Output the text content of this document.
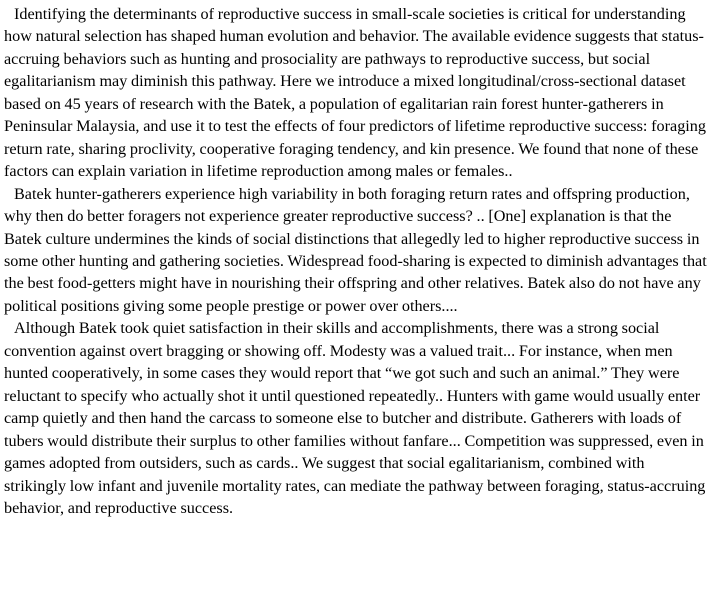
Identifying the determinants of reproductive success in small-scale societies is critical for understanding how natural selection has shaped human evolution and behavior. The available evidence suggests that status-accruing behaviors such as hunting and prosociality are pathways to reproductive success, but social egalitarianism may diminish this pathway. Here we introduce a mixed longitudinal/cross-sectional dataset based on 45 years of research with the Batek, a population of egalitarian rain forest hunter-gatherers in Peninsular Malaysia, and use it to test the effects of four predictors of lifetime reproductive success: foraging return rate, sharing proclivity, cooperative foraging tendency, and kin presence. We found that none of these factors can explain variation in lifetime reproduction among males or females..

Batek hunter-gatherers experience high variability in both foraging return rates and offspring production, why then do better foragers not experience greater reproductive success? .. [One] explanation is that the Batek culture undermines the kinds of social distinctions that allegedly led to higher reproductive success in some other hunting and gathering societies. Widespread food-sharing is expected to diminish advantages that the best food-getters might have in nourishing their offspring and other relatives. Batek also do not have any political positions giving some people prestige or power over others....

Although Batek took quiet satisfaction in their skills and accomplishments, there was a strong social convention against overt bragging or showing off. Modesty was a valued trait... For instance, when men hunted cooperatively, in some cases they would report that “we got such and such an animal.” They were reluctant to specify who actually shot it until questioned repeatedly.. Hunters with game would usually enter camp quietly and then hand the carcass to someone else to butcher and distribute. Gatherers with loads of tubers would distribute their surplus to other families without fanfare... Competition was suppressed, even in games adopted from outsiders, such as cards.. We suggest that social egalitarianism, combined with strikingly low infant and juvenile mortality rates, can mediate the pathway between foraging, status-accruing behavior, and reproductive success.
